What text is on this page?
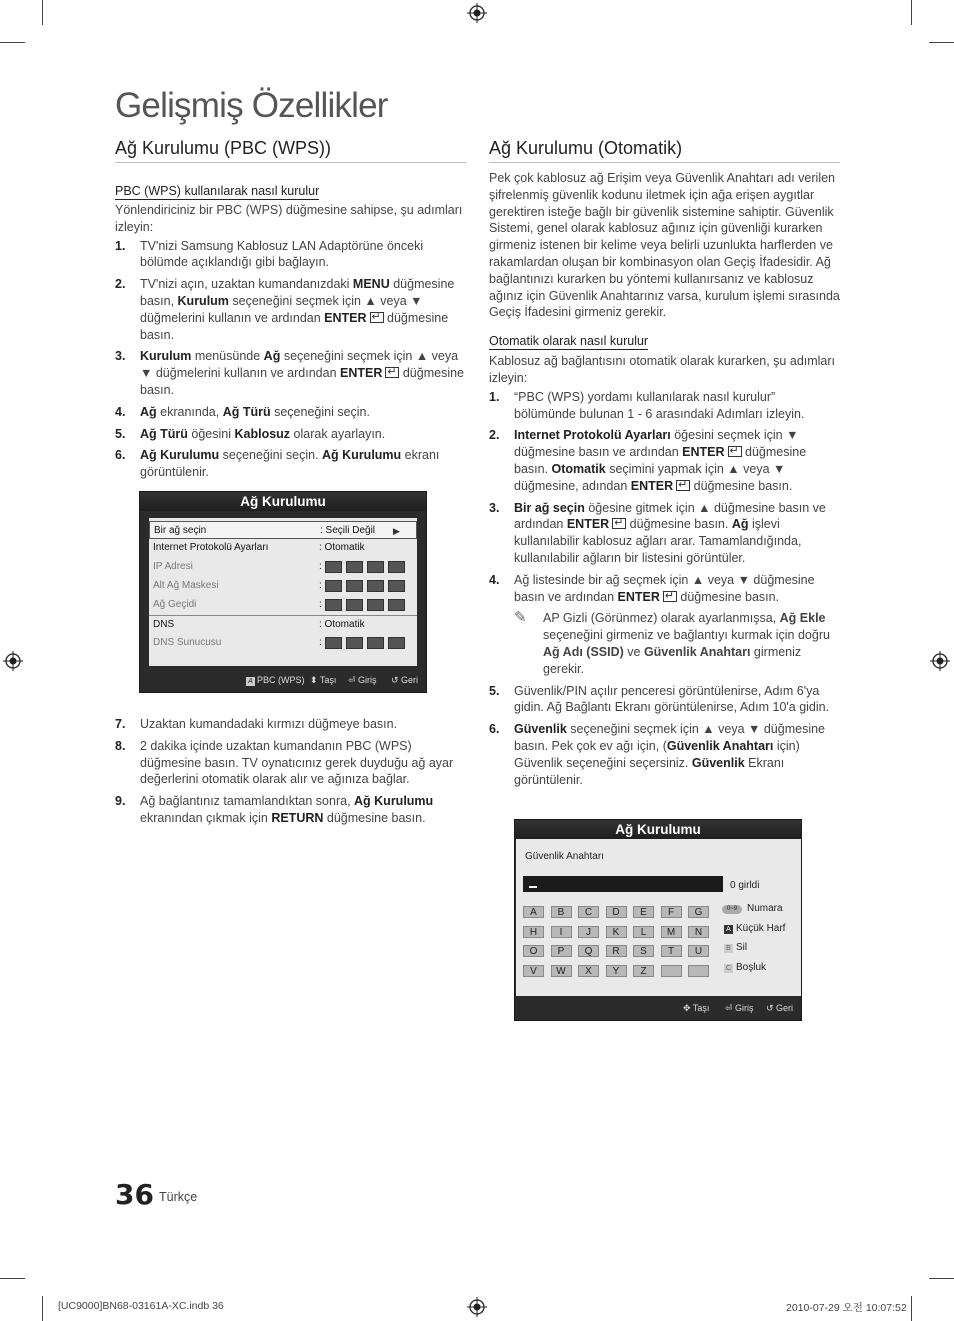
Gelişmiş Özellikler
Ağ Kurulumu (PBC (WPS))
PBC (WPS) kullanılarak nasıl kurulur
Yönlendiriciniz bir PBC (WPS) düğmesine sahipse, şu adımları izleyin:
1.	TV'nizi Samsung Kablosuz LAN Adaptörüne önceki bölümde açıklandığı gibi bağlayın.
2.	TV'nizi açın, uzaktan kumandanızdaki MENU düğmesine basın, Kurulum seçeneğini seçmek için ▲ veya ▼ düğmelerini kullanın ve ardından ENTER↵ düğmesine basın.
3.	Kurulum menüsünde Ağ seçeneğini seçmek için ▲ veya ▼ düğmelerini kullanın ve ardından ENTER↵ düğmesine basın.
4.	Ağ ekranında, Ağ Türü seçeneğini seçin.
5.	Ağ Türü öğesini Kablosuz olarak ayarlayın.
6.	Ağ Kurulumu seçeneğini seçin. Ağ Kurulumu ekranı görüntülenir.
7.	Uzaktan kumandadaki kırmızı düğmeye basın.
8.	2 dakika içinde uzaktan kumandanın PBC (WPS) düğmesine basın. TV oynatıcınız gerek duyduğu ağ ayar değerlerini otomatik olarak alır ve ağınıza bağlar.
9.	Ağ bağlantınız tamamlandıktan sonra, Ağ Kurulumu ekranından çıkmak için RETURN düğmesine basın.
Ağ Kurulumu
Bir ağ seçin	: Seçili Değil ▶
Internet Protokolü Ayarları	: Otomatik
IP Adresi	:
Alt Ağ Maskesi	:
Ağ Geçidi	:
DNS	: Otomatik
DNS Sunucusu	:
A PBC (WPS) ⬍ Taşı ⏎ Giriş ↺ Geri
Ağ Kurulumu (Otomatik)
Pek çok kablosuz ağ Erişim veya Güvenlik Anahtarı adı verilen şifrelenmiş güvenlik kodunu iletmek için ağa erişen aygıtlar gerektiren isteğe bağlı bir güvenlik sistemine sahiptir. Güvenlik Sistemi, genel olarak kablosuz ağınız için güvenliği kurarken girmeniz istenen bir kelime veya belirli uzunlukta harflerden ve rakamlardan oluşan bir kombinasyon olan Geçiş İfadesidir. Ağ bağlantınızı kurarken bu yöntemi kullanırsanız ve kablosuz ağınız için Güvenlik Anahtarınız varsa, kurulum işlemi sırasında Geçiş İfadesini girmeniz gerekir.
Otomatik olarak nasıl kurulur
Kablosuz ağ bağlantısını otomatik olarak kurarken, şu adımları izleyin:
1.	“PBC (WPS) yordamı kullanılarak nasıl kurulur” bölümünde bulunan 1 - 6 arasındaki Adımları izleyin.
2.	Internet Protokolü Ayarları öğesini seçmek için ▼ düğmesine basın ve ardından ENTER↵ düğmesine basın. Otomatik seçimini yapmak için ▲ veya ▼ düğmesine, adından ENTER↵ düğmesine basın.
3.	Bir ağ seçin öğesine gitmek için ▲ düğmesine basın ve ardından ENTER↵ düğmesine basın. Ağ işlevi kullanılabilir kablosuz ağları arar. Tamamlandığında, kullanılabilir ağların bir listesini görüntüler.
4.	Ağ listesinde bir ağ seçmek için ▲ veya ▼ düğmesine basın ve ardından ENTER↵ düğmesine basın.
✎	AP Gizli (Görünmez) olarak ayarlanmışsa, Ağ Ekle seçeneğini girmeniz ve bağlantıyı kurmak için doğru Ağ Adı (SSID) ve Güvenlik Anahtarı girmeniz gerekir.
5.	Güvenlik/PIN açılır penceresi görüntülenirse, Adım 6'ya gidin. Ağ Bağlantı Ekranı görüntülenirse, Adım 10'a gidin.
6.	Güvenlik seçeneğini seçmek için ▲ veya ▼ düğmesine basın. Pek çok ev ağı için, (Güvenlik Anahtarı için) Güvenlik seçeneğini seçersiniz. Güvenlik Ekranı görüntülenir.
Ağ Kurulumu
Güvenlik Anahtarı
0 girldi
A	B	C	D	E	F	G
H	I	J	K	L	M	N
O	P	Q	R	S	T	U
V	W	X	Y	Z
0~9 Numara
A Küçük Harf
B Sil
C Boşluk
✥ Taşı ⏎ Giriş ↺ Geri
36 Türkçe
[UC9000]BN68-03161A-XC.indb 36	2010-07-29 오전 10:07:52
